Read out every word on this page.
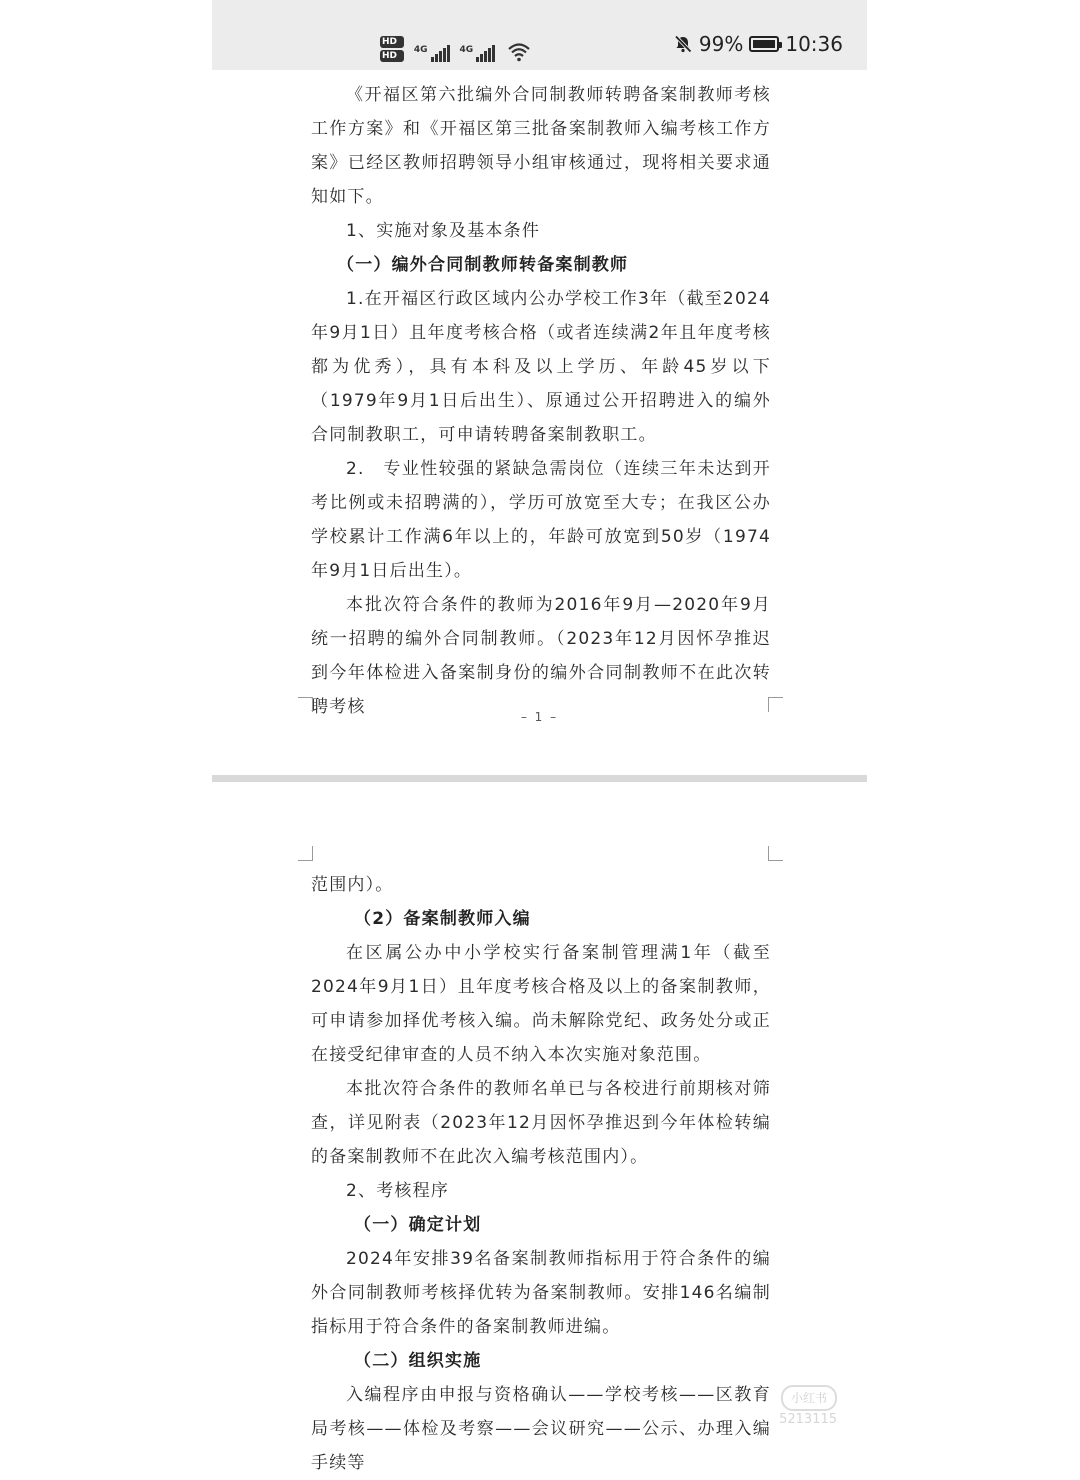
$HD_1$
$HD_2$
4G	4G	99% 10:36

《开福区第六批编外合同制教师转聘备案制教师考核工作方案》和《开福区第三批备案制教师入编考核工作方案》已经区教师招聘领导小组审核通过，现将相关要求通知如下。

1、实施对象及基本条件

（一）编外合同制教师转备案制教师

1.在开福区行政区域内公办学校工作3年（截至2024年9月1日）且年度考核合格（或者连续满2年且年度考核都为优秀），具有本科及以上学历、年龄45岁以下（1979年9月1日后出生）、原通过公开招聘进入的编外合同制教职工，可申请转聘备案制教职工。

2.　专业性较强的紧缺急需岗位（连续三年未达到开考比例或未招聘满的），学历可放宽至大专；在我区公办学校累计工作满6年以上的，年龄可放宽到50岁（1974年9月1日后出生）。

本批次符合条件的教师为2016年9月—2020年9月统一招聘的编外合同制教师。（2023年12月因怀孕推迟到今年体检进入备案制身份的编外合同制教师不在此次转聘考核	– 1 –

范围内）。

（2）备案制教师入编

在区属公办中小学校实行备案制管理满1年（截至2024年9月1日）且年度考核合格及以上的备案制教师，可申请参加择优考核入编。尚未解除党纪、政务处分或正在接受纪律审查的人员不纳入本次实施对象范围。

本批次符合条件的教师名单已与各校进行前期核对筛查，详见附表（2023年12月因怀孕推迟到今年体检转编的备案制教师不在此次入编考核范围内）。

2、考核程序

（一）确定计划

2024年安排39名备案制教师指标用于符合条件的编外合同制教师考核择优转为备案制教师。安排146名编制指标用于符合条件的备案制教师进编。

（二）组织实施

入编程序由申报与资格确认——学校考核——区教育局考核——体检及考察——会议研究——公示、办理入编手续等

小红书
5213115
